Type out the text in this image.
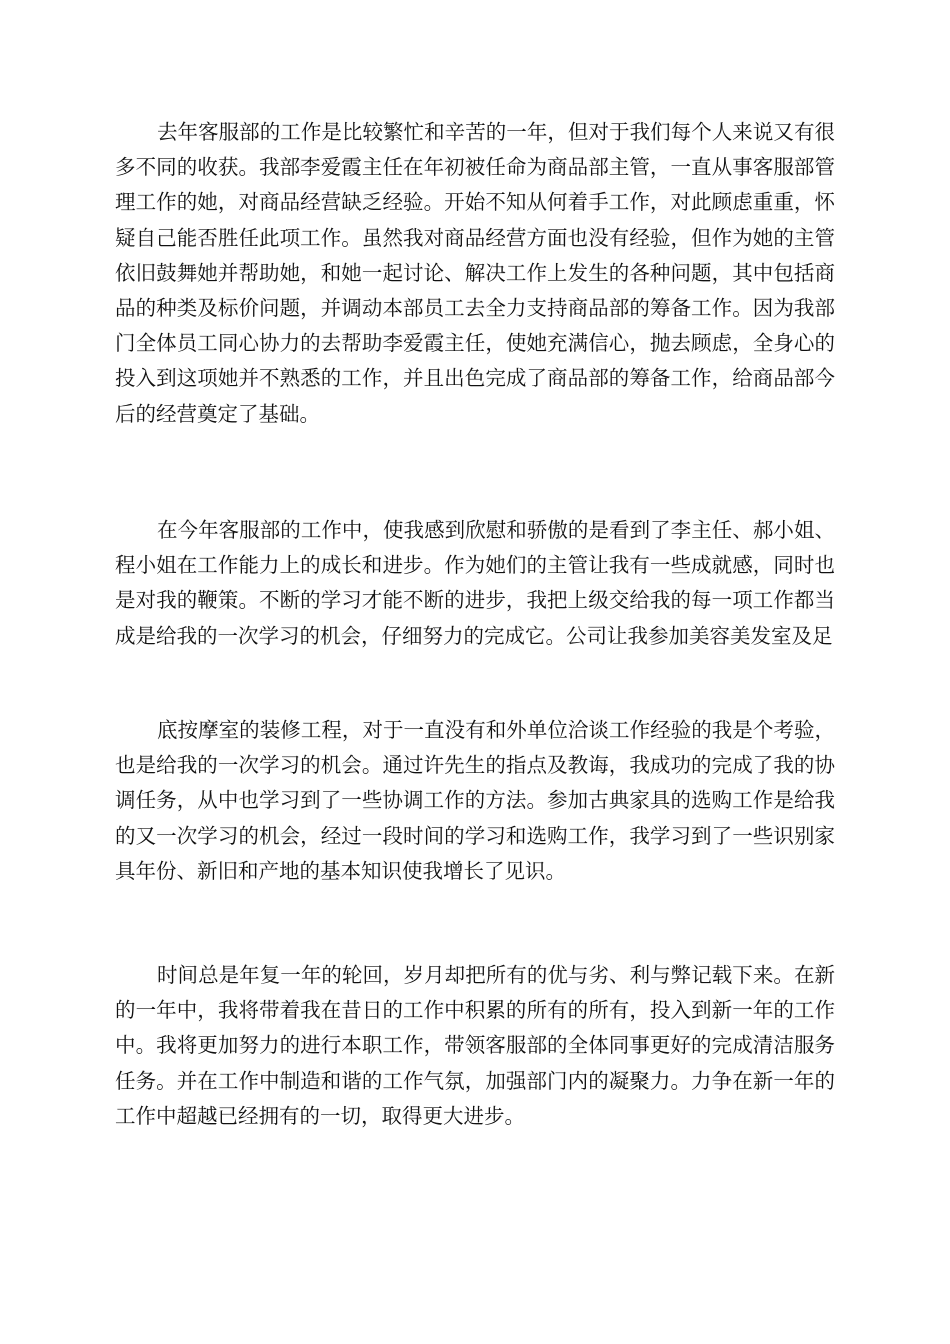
去年客服部的工作是比较繁忙和辛苦的一年，但对于我们每个人来说又有很多不同的收获。我部李爱霞主任在年初被任命为商品部主管，一直从事客服部管理工作的她，对商品经营缺乏经验。开始不知从何着手工作，对此顾虑重重，怀疑自己能否胜任此项工作。虽然我对商品经营方面也没有经验，但作为她的主管依旧鼓舞她并帮助她，和她一起讨论、解决工作上发生的各种问题，其中包括商品的种类及标价问题，并调动本部员工去全力支持商品部的筹备工作。因为我部门全体员工同心协力的去帮助李爱霞主任，使她充满信心，抛去顾虑，全身心的投入到这项她并不熟悉的工作，并且出色完成了商品部的筹备工作，给商品部今后的经营奠定了基础。

在今年客服部的工作中，使我感到欣慰和骄傲的是看到了李主任、郝小姐、程小姐在工作能力上的成长和进步。作为她们的主管让我有一些成就感，同时也是对我的鞭策。不断的学习才能不断的进步，我把上级交给我的每一项工作都当成是给我的一次学习的机会，仔细努力的完成它。公司让我参加美容美发室及足

底按摩室的装修工程，对于一直没有和外单位洽谈工作经验的我是个考验，也是给我的一次学习的机会。通过许先生的指点及教诲，我成功的完成了我的协调任务，从中也学习到了一些协调工作的方法。参加古典家具的选购工作是给我的又一次学习的机会，经过一段时间的学习和选购工作，我学习到了一些识别家具年份、新旧和产地的基本知识使我增长了见识。

时间总是年复一年的轮回，岁月却把所有的优与劣、利与弊记载下来。在新的一年中，我将带着我在昔日的工作中积累的所有的所有，投入到新一年的工作中。我将更加努力的进行本职工作，带领客服部的全体同事更好的完成清洁服务任务。并在工作中制造和谐的工作气氛，加强部门内的凝聚力。力争在新一年的工作中超越已经拥有的一切，取得更大进步。
